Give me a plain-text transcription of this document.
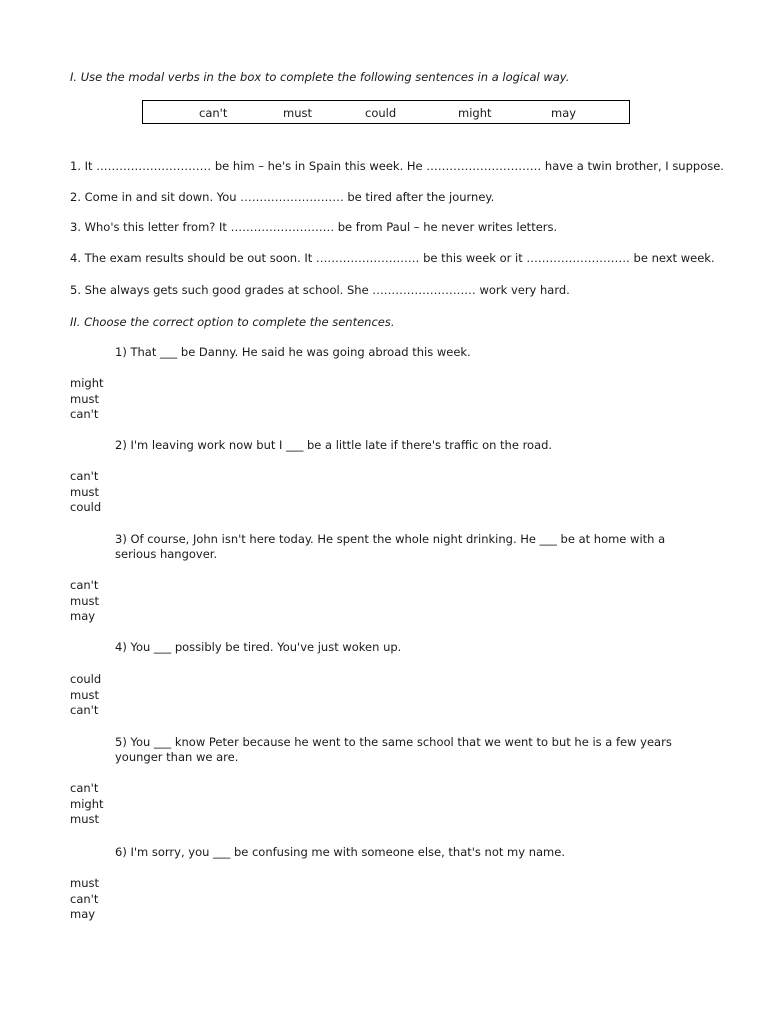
I. Use the modal verbs in the box to complete the following sentences in a logical way.
can't	must	could	might	may
1. It ………………………… be him – he's in Spain this week. He ………………………… have a twin brother, I suppose.
2. Come in and sit down. You ……………………… be tired after the journey.
3. Who's this letter from? It ……………………… be from Paul – he never writes letters.
4. The exam results should be out soon. It ……………………… be this week or it ……………………… be next week.
5. She always gets such good grades at school. She ……………………… work very hard.
II. Choose the correct option to complete the sentences.
1) That ___ be Danny. He said he was going abroad this week.
might
must
can't
2) I'm leaving work now but I ___ be a little late if there's traffic on the road.
can't
must
could
3) Of course, John isn't here today. He spent the whole night drinking. He ___ be at home with a serious hangover.
can't
must
may
4) You ___ possibly be tired. You've just woken up.
could
must
can't
5) You ___ know Peter because he went to the same school that we went to but he is a few years younger than we are.
can't
might
must
6) I'm sorry, you ___ be confusing me with someone else, that's not my name.
must
can't
may
